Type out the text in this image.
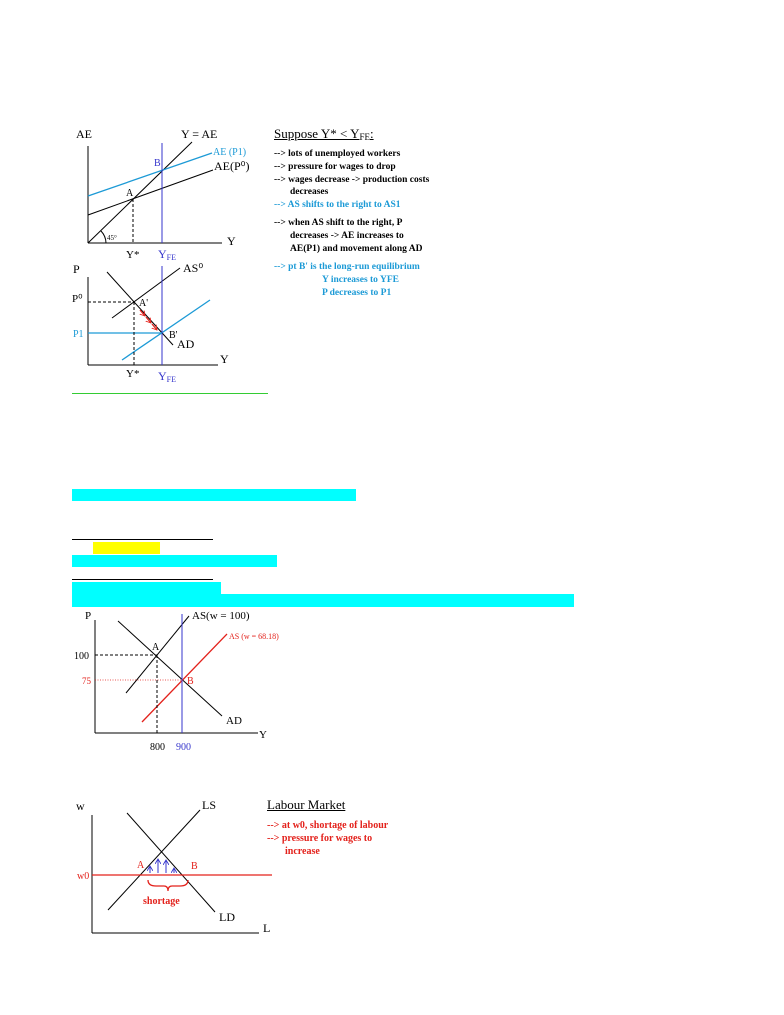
AE	Y = AE
AE (P1)
AE(P⁰)
45°
A
B
Y
Y* YFE
P
P⁰
P1
A'
B'
AS⁰
AD
Y
Y* YFE
P	AS(w = 100)
AS (w = 68.18)
A
B
100
75
AD
Y
800 900
w	LS
LD
L
w0
A	B
shortage
Suppose $Y* < Y_{FE}$:
--> lots of unemployed workers
--> pressure for wages to drop
--> wages decrease -> production costs
decreases
--> AS shifts to the right to AS1
--> when AS shift to the right, P
decreases -> AE increases to
AE(P1) and movement along AD
--> pt B' is the long-run equilibrium
Y increases to YFE
P decreases to P1
Labour Market
--> at w0, shortage of labour
--> pressure for wages to
increase
